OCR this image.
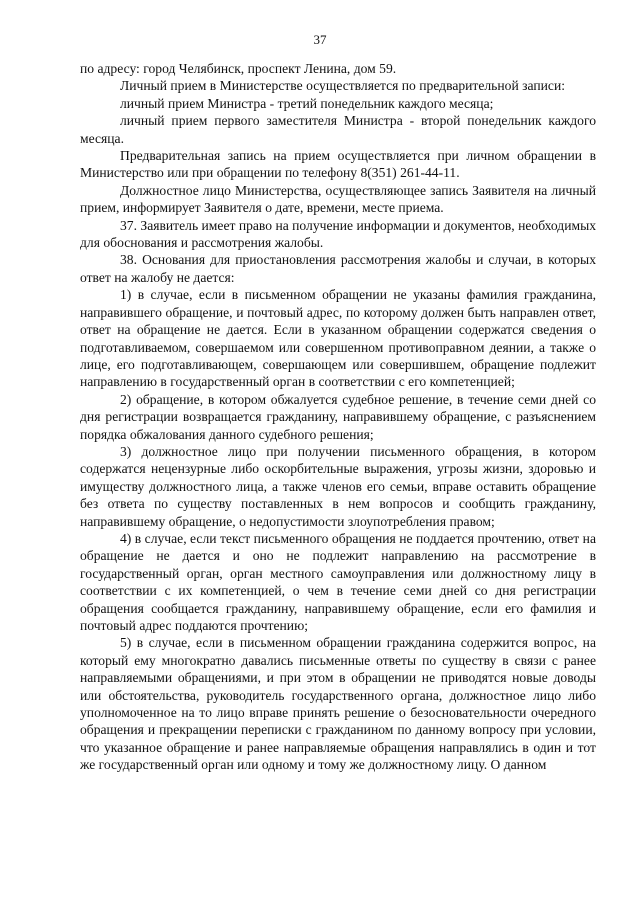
37

по адресу: город Челябинск, проспект Ленина, дом 59.

Личный прием в Министерстве осуществляется по предварительной записи:

личный прием Министра - третий понедельник каждого месяца;

личный прием первого заместителя Министра - второй понедельник каждого месяца.

Предварительная запись на прием осуществляется при личном обращении в Министерство или при обращении по телефону 8(351) 261-44-11.

Должностное лицо Министерства, осуществляющее запись Заявителя на личный прием, информирует Заявителя о дате, времени, месте приема.

37. Заявитель имеет право на получение информации и документов, необходимых для обоснования и рассмотрения жалобы.

38. Основания для приостановления рассмотрения жалобы и случаи, в которых ответ на жалобу не дается:

1) в случае, если в письменном обращении не указаны фамилия гражданина, направившего обращение, и почтовый адрес, по которому должен быть направлен ответ, ответ на обращение не дается. Если в указанном обращении содержатся сведения о подготавливаемом, совершаемом или совершенном противоправном деянии, а также о лице, его подготавливающем, совершающем или совершившем, обращение подлежит направлению в государственный орган в соответствии с его компетенцией;

2) обращение, в котором обжалуется судебное решение, в течение семи дней со дня регистрации возвращается гражданину, направившему обращение, с разъяснением порядка обжалования данного судебного решения;

3) должностное лицо при получении письменного обращения, в котором содержатся нецензурные либо оскорбительные выражения, угрозы жизни, здоровью и имуществу должностного лица, а также членов его семьи, вправе оставить обращение без ответа по существу поставленных в нем вопросов и сообщить гражданину, направившему обращение, о недопустимости злоупотребления правом;

4) в случае, если текст письменного обращения не поддается прочтению, ответ на обращение не дается и оно не подлежит направлению на рассмотрение в государственный орган, орган местного самоуправления или должностному лицу в соответствии с их компетенцией, о чем в течение семи дней со дня регистрации обращения сообщается гражданину, направившему обращение, если его фамилия и почтовый адрес поддаются прочтению;

5) в случае, если в письменном обращении гражданина содержится вопрос, на который ему многократно давались письменные ответы по существу в связи с ранее направляемыми обращениями, и при этом в обращении не приводятся новые доводы или обстоятельства, руководитель государственного органа, должностное лицо либо уполномоченное на то лицо вправе принять решение о безосновательности очередного обращения и прекращении переписки с гражданином по данному вопросу при условии, что указанное обращение и ранее направляемые обращения направлялись в один и тот же государственный орган или одному и тому же должностному лицу. О данном
